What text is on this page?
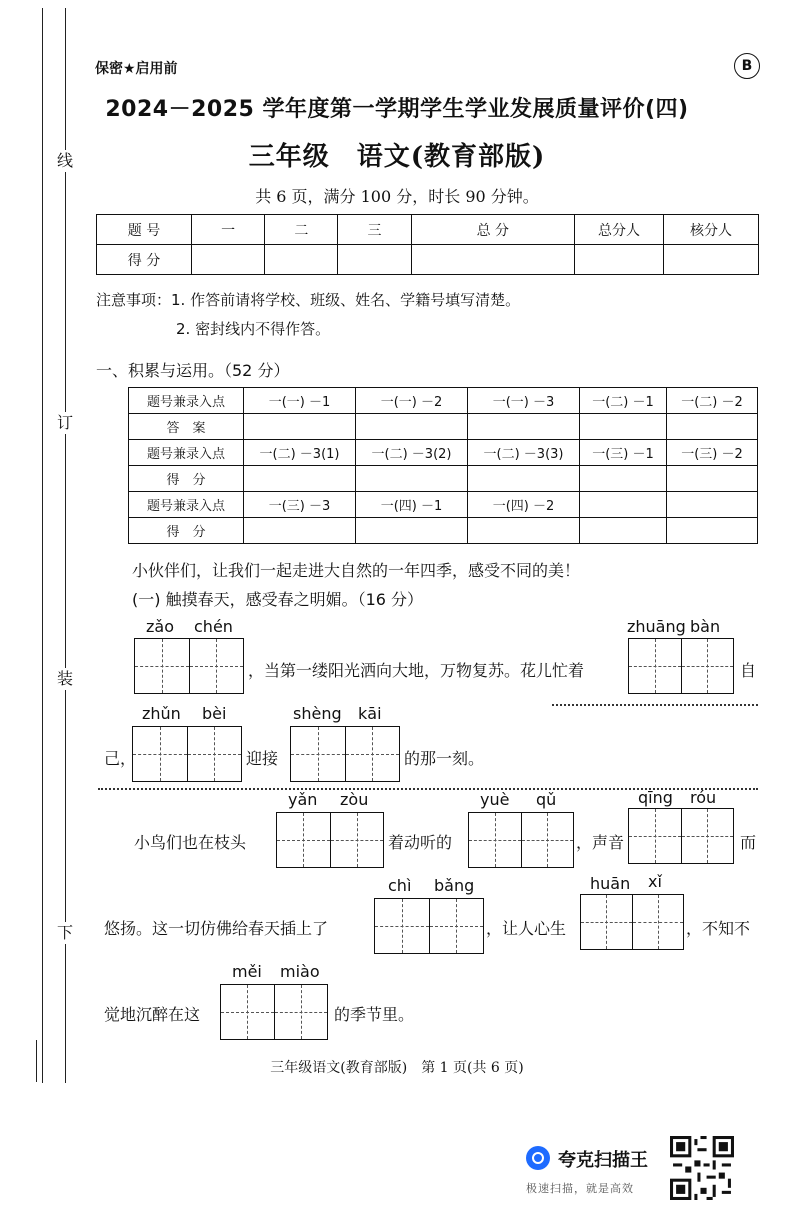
线
订
装
下
保密★启用前	B
2024－2025 学年度第一学期学生学业发展质量评价(四)
三年级　语文(教育部版)
共 6 页，满分 100 分，时长 90 分钟。
题 号	一	二	三	总 分	总分人	核分人
得 分						
注意事项：1. 作答前请将学校、班级、姓名、学籍号填写清楚。
2. 密封线内不得作答。
一、积累与运用。（52 分）
题号兼录入点	一(一) －1	一(一) －2	一(一) －3	一(二) －1	一(二) －2
答　案					
题号兼录入点	一(二) －3(1)	一(二) －3(2)	一(二) －3(3)	一(三) －1	一(三) －2
得　分					
题号兼录入点	一(三) －3	一(四) －1	一(四) －2		
得　分					
小伙伴们，让我们一起走进大自然的一年四季，感受不同的美！
(一) 触摸春天，感受春之明媚。（16 分）
zǎo chén
，当第一缕阳光洒向大地，万物复苏。花儿忙着
zhuāng bàn
自
己，
zhǔn bèi
迎接
shèng kāi
的那一刻。
小鸟们也在枝头
yǎn zòu
着动听的
yuè qǔ
，声音
qīng róu
而
悠扬。这一切仿佛给春天插上了
chì bǎng
，让人心生
huān xǐ
，不知不
觉地沉醉在这
měi miào
的季节里。
三年级语文(教育部版)　第 1 页(共 6 页)
夸克扫描王
极速扫描，就是高效
